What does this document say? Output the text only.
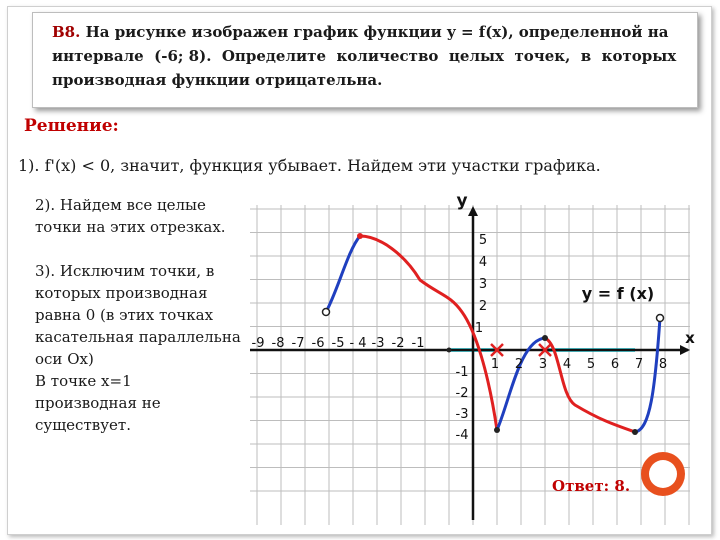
В8. На рисунке изображен график функции y = f(x), определенной на
интервале  (-6; 8).  Определите  количество  целых  точек,  в  которых
производная функции отрицательна.
Решение:
1). f'(x) < 0, значит, функция убывает. Найдем эти участки графика.
2). Найдем все целые
точки на этих отрезках.
3). Исключим точки, в
которых производная
равна 0 (в этих точках
касательная параллельна
оси Ох)
В точке х=1
производная не
существует.
-9 -8 -7 -6 -5 - 4 -3 -2 -1
1 2 3 4 5 6 7 8
5
4
3
2
1
-1
-2
-3
-4
y
x
y = f (x)
Ответ: 8.
